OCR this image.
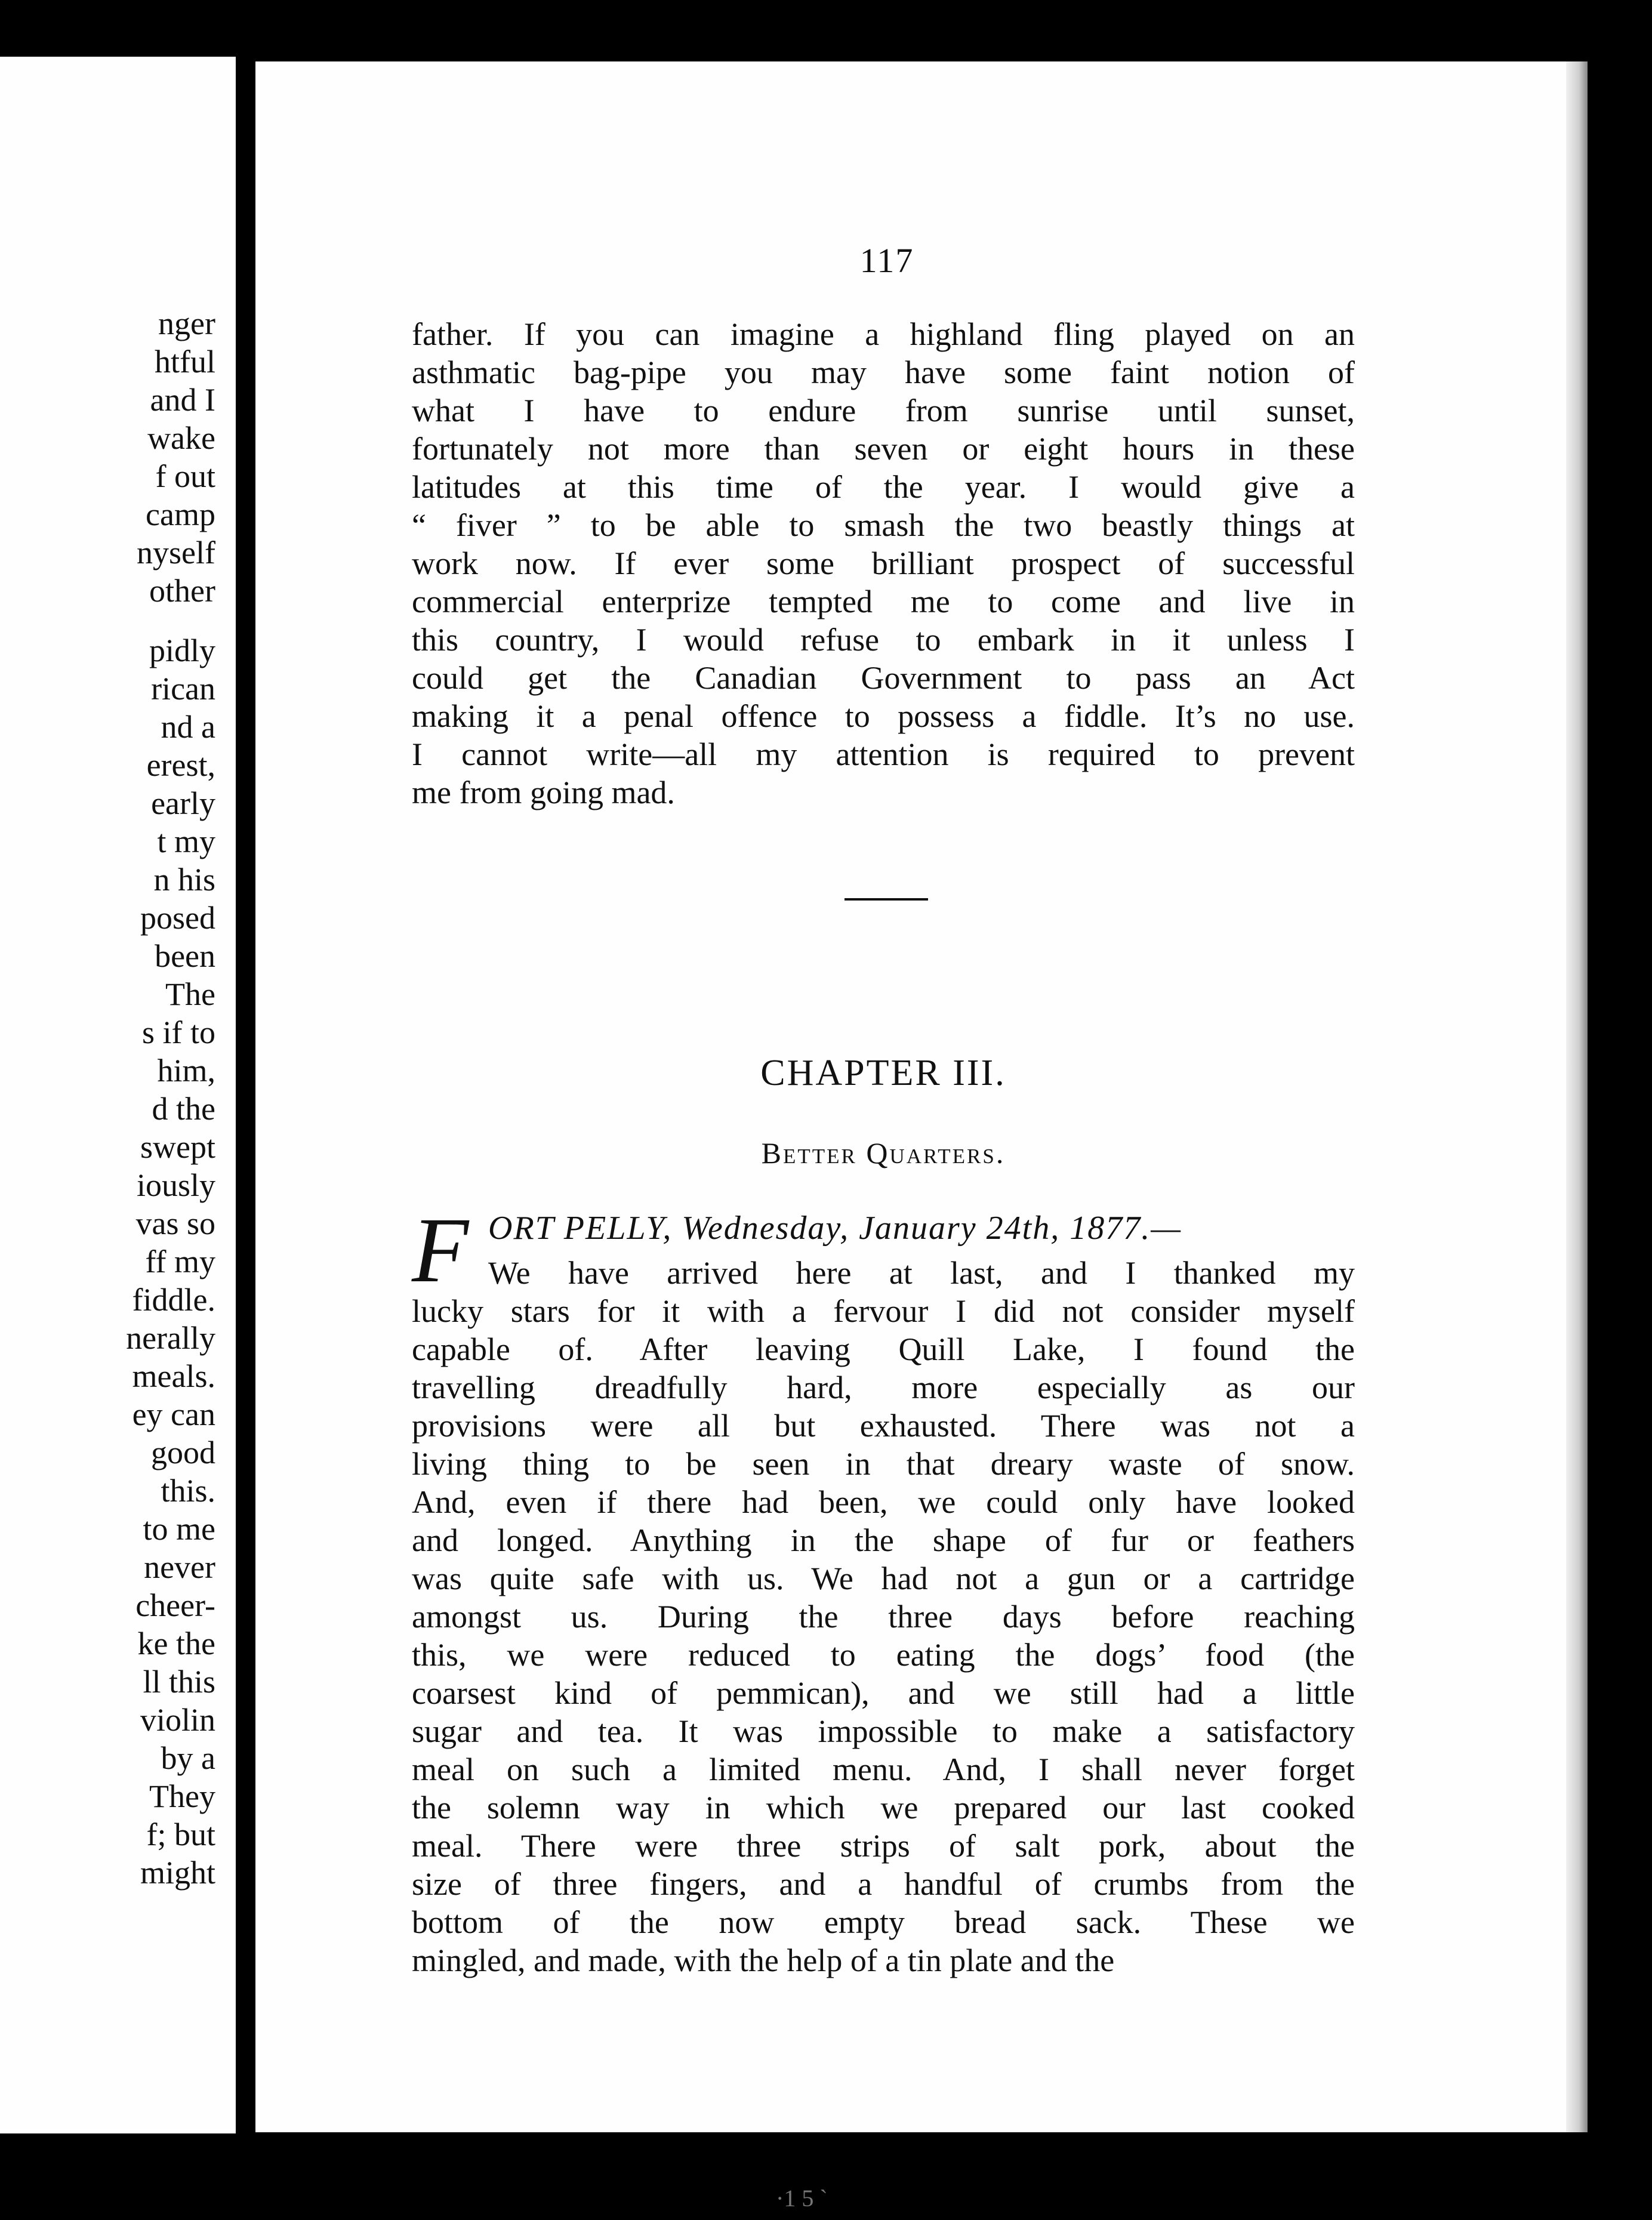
nger
htful
and I
wake
f out
camp
nyself
other
pidly
rican
nd a
erest,
early
t my
n his
posed
been
The
s if to
him,
d the
swept
iously
vas so
ff my
fiddle.
nerally
meals.
ey can
good
this.
to me
never
cheer-
ke the
ll this
violin
by a
They
f; but
might
117
father. If you can imagine a highland fling played on an
asthmatic bag-pipe you may have some faint notion of
what I have to endure from sunrise until sunset,
fortunately not more than seven or eight hours in these
latitudes at this time of the year. I would give a
“ fiver ” to be able to smash the two beastly things at
work now. If ever some brilliant prospect of successful
commercial enterprize tempted me to come and live in
this country, I would refuse to embark in it unless I
could get the Canadian Government to pass an Act
making it a penal offence to possess a fiddle. It’s no use.
I cannot write—all my attention is required to prevent
me from going mad.
CHAPTER III.
Better Quarters.
F ORT PELLY, Wednesday, January 24th, 1877.—
We have arrived here at last, and I thanked my
lucky stars for it with a fervour I did not consider myself
capable of. After leaving Quill Lake, I found the
travelling dreadfully hard, more especially as our
provisions were all but exhausted. There was not a
living thing to be seen in that dreary waste of snow.
And, even if there had been, we could only have looked
and longed. Anything in the shape of fur or feathers
was quite safe with us. We had not a gun or a cartridge
amongst us. During the three days before reaching
this, we were reduced to eating the dogs’ food (the
coarsest kind of pemmican), and we still had a little
sugar and tea. It was impossible to make a satisfactory
meal on such a limited menu. And, I shall never forget
the solemn way in which we prepared our last cooked
meal. There were three strips of salt pork, about the
size of three fingers, and a handful of crumbs from the
bottom of the now empty bread sack. These we
mingled, and made, with the help of a tin plate and the
·1 5 `
